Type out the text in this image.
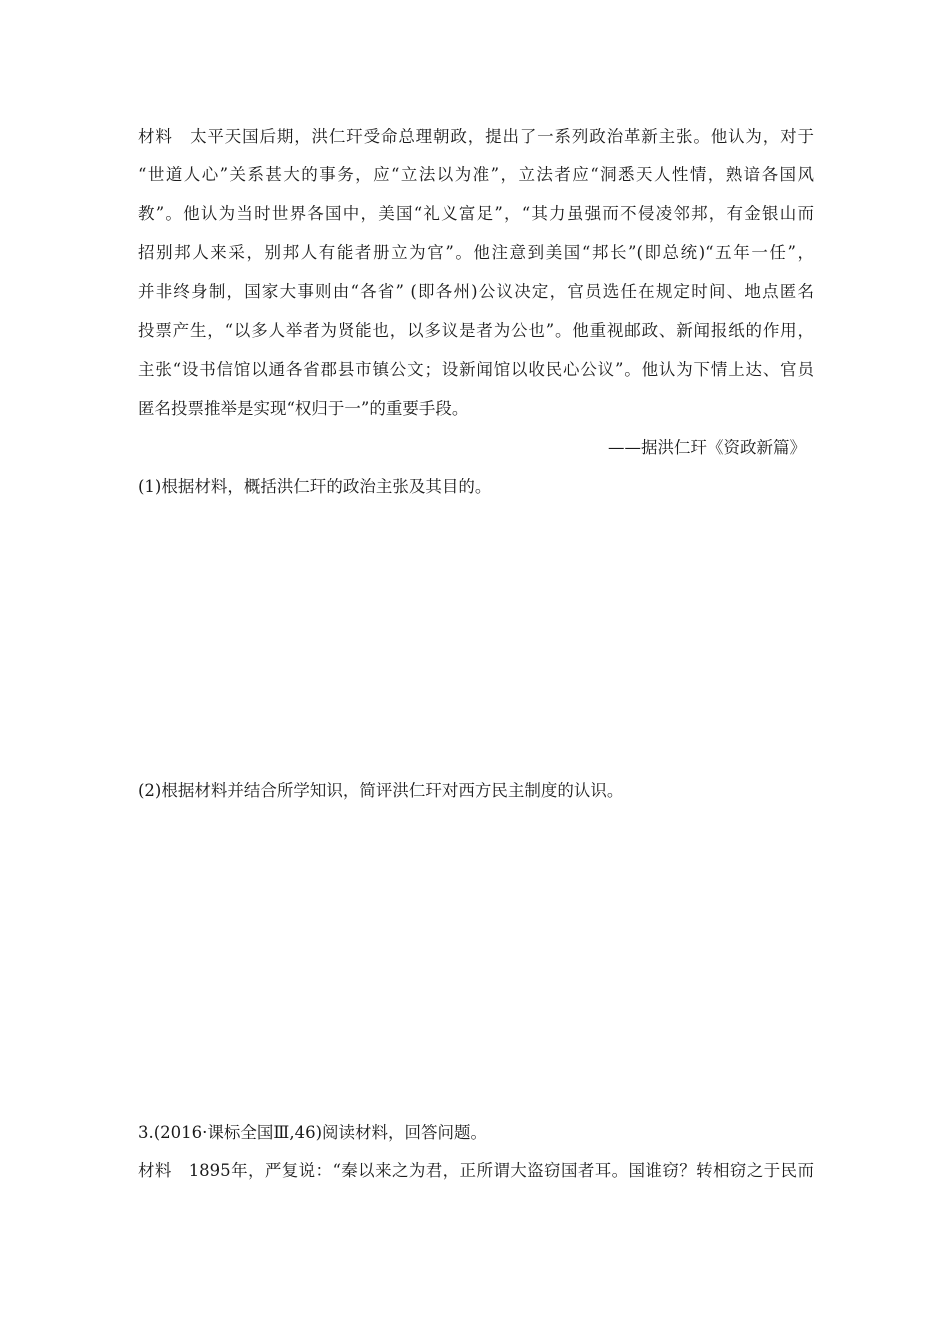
材料　太平天国后期，洪仁玕受命总理朝政，提出了一系列政治革新主张。他认为，对于
“世道人心”关系甚大的事务，应“立法以为准”，立法者应“洞悉天人性情，熟谙各国风
教”。他认为当时世界各国中，美国“礼义富足”，“其力虽强而不侵凌邻邦，有金银山而
招别邦人来采，别邦人有能者册立为官”。他注意到美国“邦长”(即总统)“五年一任”，
并非终身制，国家大事则由“各省” (即各州)公议决定，官员选任在规定时间、地点匿名
投票产生，“以多人举者为贤能也，以多议是者为公也”。他重视邮政、新闻报纸的作用，
主张“设书信馆以通各省郡县市镇公文；设新闻馆以收民心公议”。他认为下情上达、官员
匿名投票推举是实现“权归于一”的重要手段。
——据洪仁玕《资政新篇》
(1)根据材料，概括洪仁玕的政治主张及其目的。
(2)根据材料并结合所学知识，简评洪仁玕对西方民主制度的认识。
3.(2016·课标全国Ⅲ,46)阅读材料，回答问题。
材料　1895年，严复说：“秦以来之为君，正所谓大盗窃国者耳。国谁窃？转相窃之于民而
